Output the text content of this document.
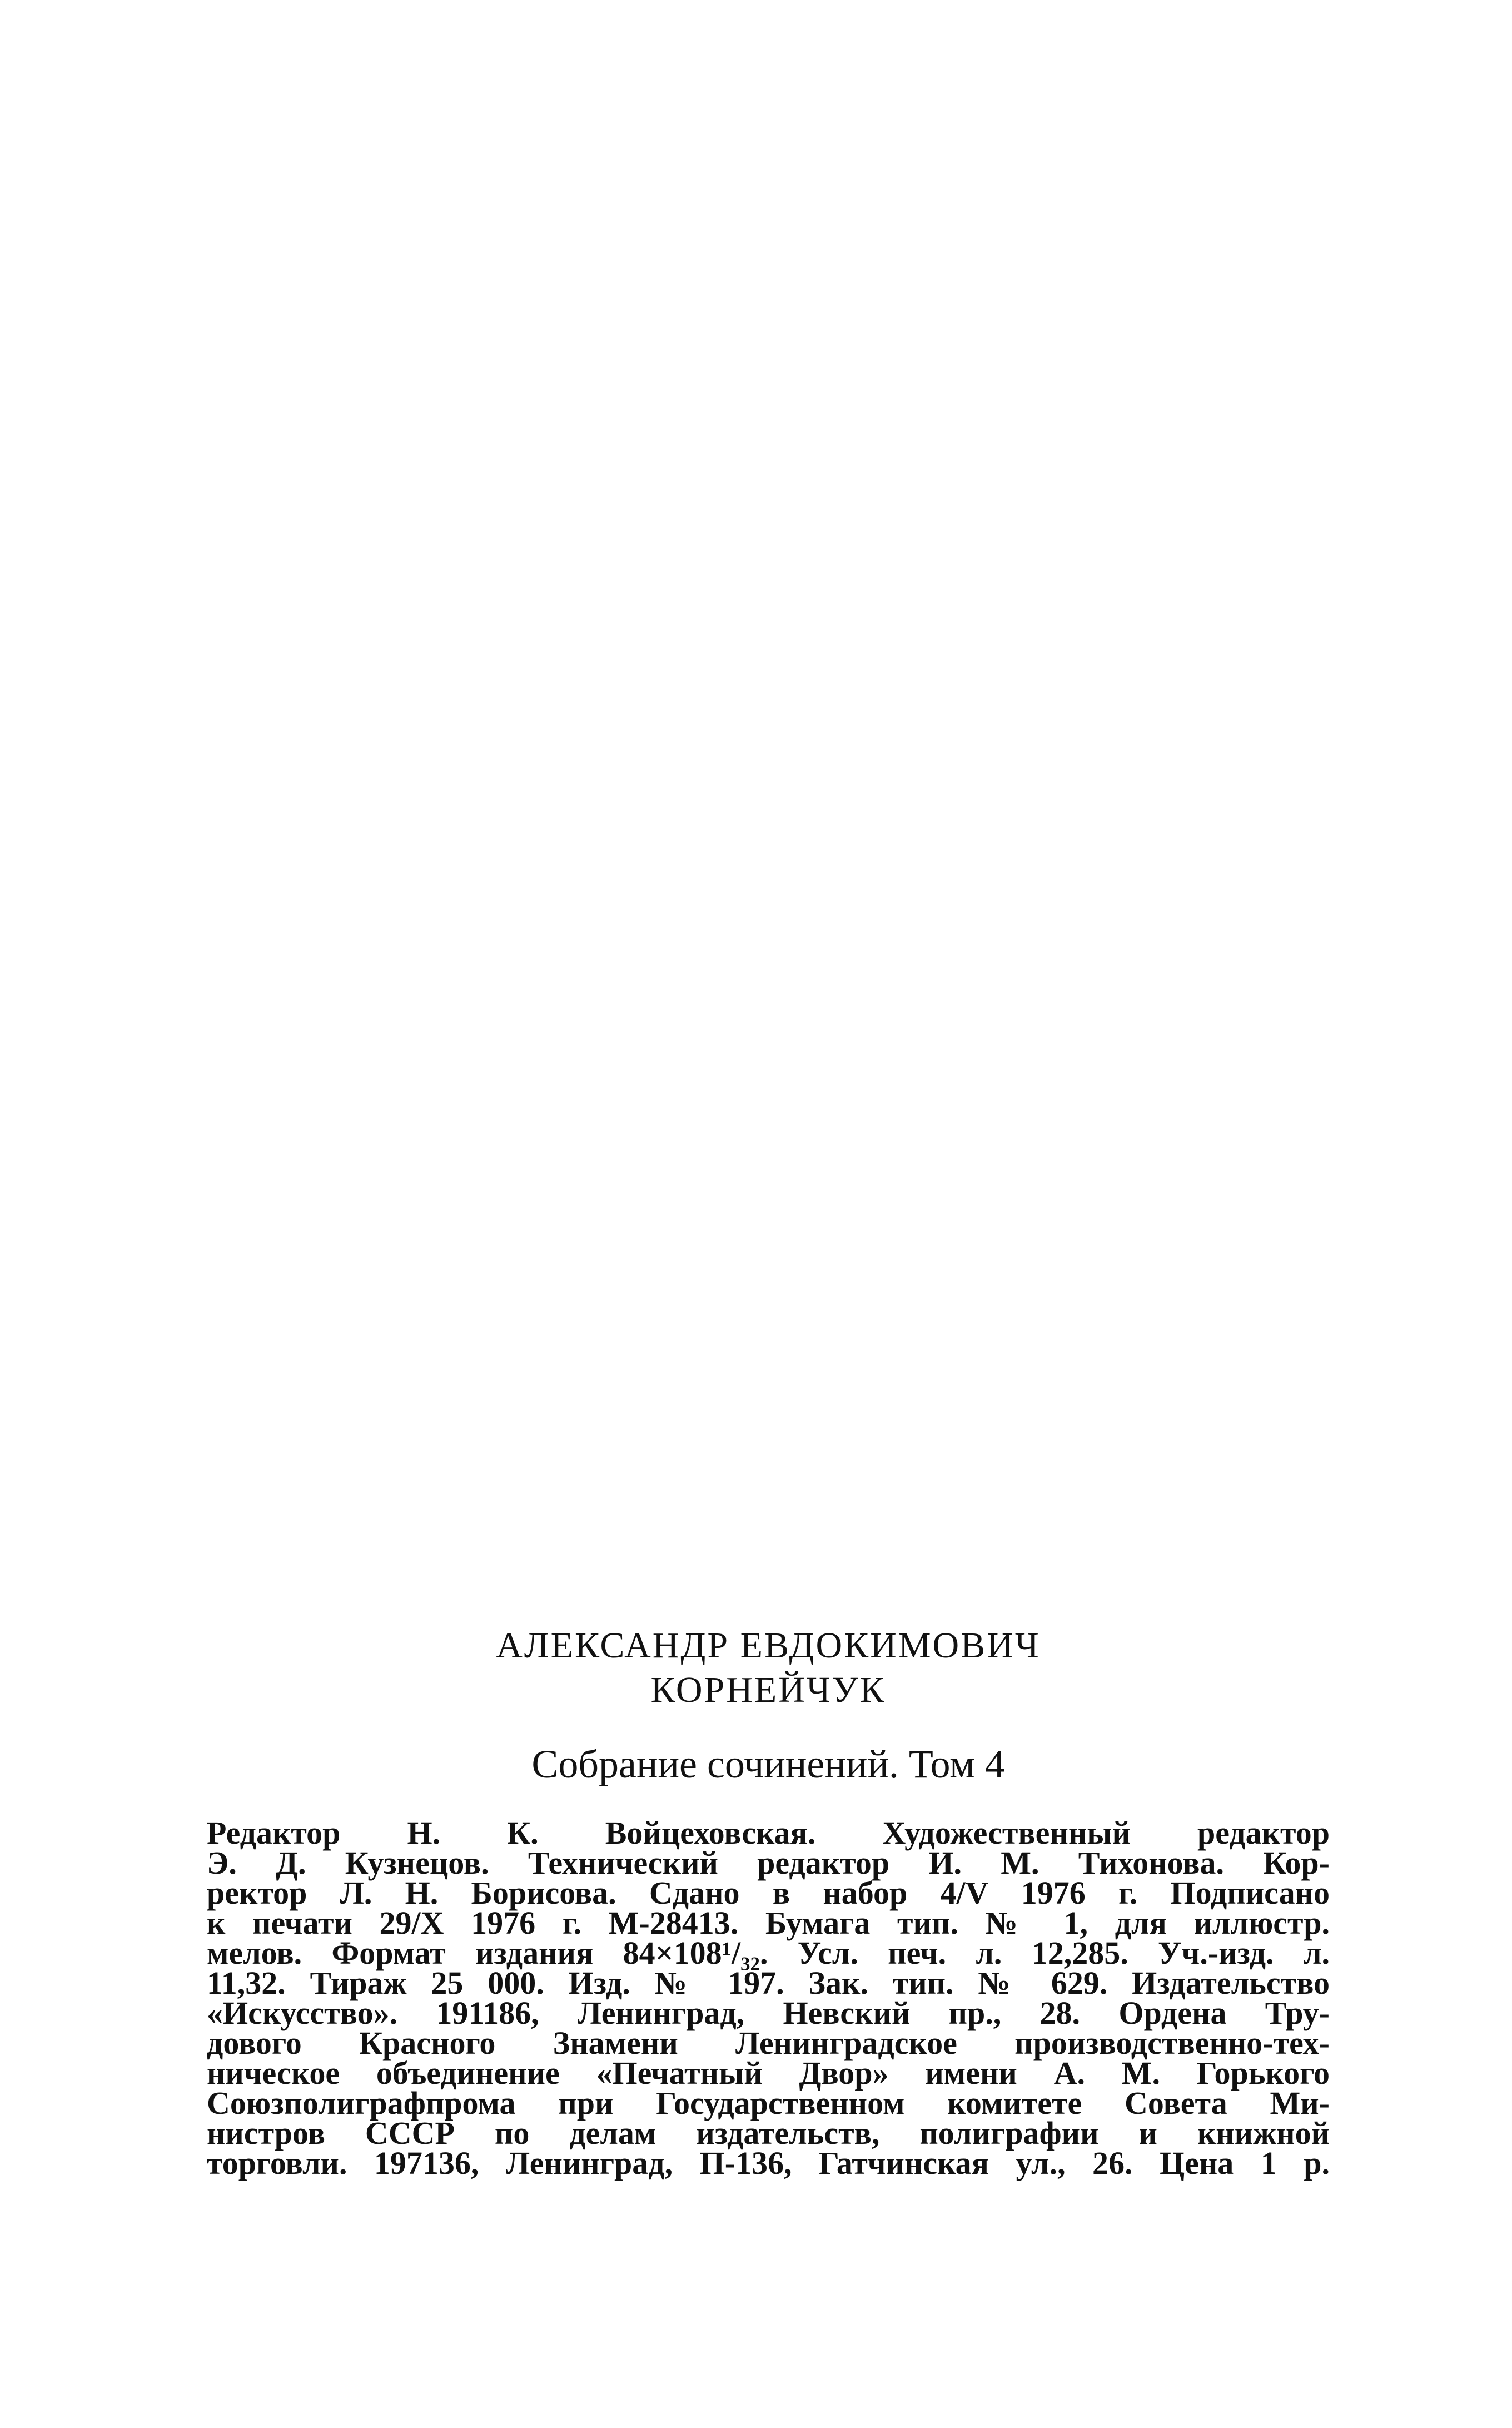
АЛЕКСАНДР ЕВДОКИМОВИЧ
КОРНЕЙЧУК
Собрание сочинений. Том 4
Редактор Н. К. Войцеховская. Художественный редактор
Э. Д. Кузнецов. Технический редактор И. М. Тихонова. Кор-
ректор Л. Н. Борисова. Сдано в набор 4/V 1976 г. Подписано
к печати 29/X 1976 г. М-28413. Бумага тип. № 1, для иллюстр.
мелов. Формат издания 84×108¹/₃₂. Усл. печ. л. 12,285. Уч.-изд. л.
11,32. Тираж 25 000. Изд. № 197. Зак. тип. № 629. Издательство
«Искусство». 191186, Ленинград, Невский пр., 28. Ордена Тру-
дового Красного Знамени Ленинградское производственно-тех-
ническое объединение «Печатный Двор» имени А. М. Горького
Союзполиграфпрома при Государственном комитете Совета Ми-
нистров СССР по делам издательств, полиграфии и книжной
торговли. 197136, Ленинград, П-136, Гатчинская ул., 26. Цена 1 р.
